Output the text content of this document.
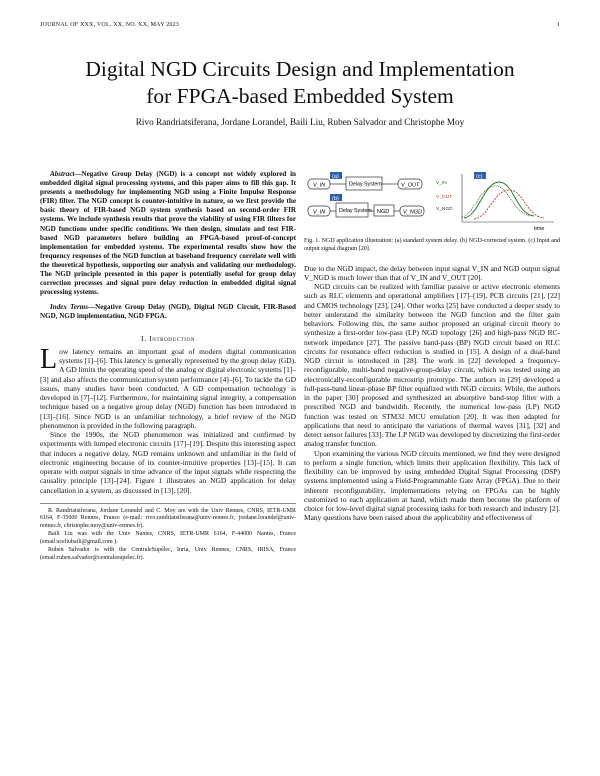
JOURNAL OF XXX, VOL. XX, NO. XX, MAY 2023	1
Digital NGD Circuits Design and Implementation
for FPGA-based Embedded System
Rivo Randriatsiferana, Jordane Lorandel, Baili Liu, Ruben Salvador and Christophe Moy

Abstract—Negative Group Delay (NGD) is a concept not widely explored in embedded digital signal processing systems, and this paper aims to fill this gap. It presents a methodology for implementing NGD using a Finite Impulse Response (FIR) filter. The NGD concept is counter-intuitive in nature, so we first provide the basic theory of FIR-based NGD system synthesis based on second-order FIR systems. We include synthesis results that prove the viability of using FIR filters for NGD functions under specific conditions. We then design, simulate and test FIR-based NGD parameters before building an FPGA-based proof-of-concept implementation for embedded systems. The experimental results show how the frequency responses of the NGD function at baseband frequency correlate well with the theoretical hypothesis, supporting our analysis and validating our methodology. The NGD principle presented in this paper is potentially useful for group delay correction processes and signal pure delay reduction in embedded digital signal processing systems.

Index Terms—Negative Group Delay (NGD), Digital NGD Circuit, FIR-Based NGD, NGD implementation, NGD FPGA.

I. Introduction

Low latency remains an important goal of modern digital communication systems [1]–[6]. This latency is generally represented by the group delay (GD). A GD limits the operating speed of the analog or digital electronic systems [1]–[3] and also affects the communication system performance [4]–[6]. To tackle the GD issues, many studies have been conducted. A GD compensation technology is developed in [7]–[12]. Furthermore, for maintaining signal integrity, a compensation technique based on a negative group delay (NGD) function has been introduced in [13]–[16]. Since NGD is an unfamiliar technology, a brief review of the NGD phenomenon is provided in the following paragraph.

Since the 1990s, the NGD phenomenon was initialized and confirmed by experiments with lumped electronic circuits [17]–[19]. Despite this interesting aspect that induces a negative delay, NGD remains unknown and unfamiliar in the field of electronic engineering because of its counter-intuitive properties [13]–[15]. It can operate with output signals in time advance of the input signals while respecting the causality principle [13]–[24]. Figure 1 illustrates an NGD application for delay cancellation in a system, as discussed in [13], [20].

R. Randriatsiferana, Jordane Lorandel and C. Moy are with the Univ Rennes, CNRS, IETR-UMR 6164, F-35000 Rennes, France (e-mail: rivo.randriatsiferana@univ-rennes.fr, jordane.lorandel@univ-rennes.fr, christophe.moy@univ-rennes.fr).

Baili Liu was with the Univ Nantes, CNRS, IETR-UMR 6164, F-44000 Nantes, France (email:sceliubaili@gmail.com ).

Rubén Salvador is with the CentraleSupélec, Inria, Univ Rennes, CNRS, IRISA, France (email:ruben.salvador@centralesupelec.fr).

(a)
V_IN	Delay System	V_OUT
(b)
V_IN	Delay System NGD	V_NGD
(c)
time
V_IN
V_OUT
V_NGD
Fig. 1. NGD application illustration: (a) standard system delay. (b) NGD-corrected system. (c) Input and output signal diagram [20].

Due to the NGD impact, the delay between input signal V_IN and NGD output signal V_NGD is much lower than that of V_IN and V_OUT [20].

NGD circuits can be realized with familiar passive or active electronic elements such as RLC elements and operational amplifiers [17]–[19], PCB circuits [21], [22] and CMOS technology [23], [24]. Other works [25] have conducted a deeper study to better understand the similarity between the NGD function and the filter gain behaviors. Following this, the same author proposed an original circuit theory to synthesize a first-order low-pass (LP) NGD topology [26] and high-pass NGD RC-network impedance [27]. The passive band-pass (BP) NGD circuit based on RLC circuits for resonance effect reduction is studied in [15]. A design of a dual-band NGD circuit is introduced in [28]. The work in [22] developed a frequency-reconfigurable, multi-band negative-group-delay circuit, which was tested using an electronically-reconfigurable microstrip prototype. The authors in [29] developed a full-pass-band linear-phase BP filter equalized with NGD circuits. While, the authors in the paper [30] proposed and synthesized an absorptive band-stop filter with a prescribed NGD and bandwidth. Recently, the numerical low-pass (LP) NGD function was tested on STM32 MCU emulation [20]. It was then adapted for applications that need to anticipate the variations of thermal waves [31], [32] and detect sensor failures [33]. The LP NGD was developed by discretizing the first-order analog transfer function.

Upon examining the various NGD circuits mentioned, we find they were designed to perform a single function, which limits their application flexibility. This lack of flexibility can be improved by using embedded Digital Signal Processing (DSP) systems implemented using a Field-Programmable Gate Array (FPGA). Due to their inherent reconfigurability, implementations relying on FPGAs can be highly customized to each application at hand, which made them become the platform of choice for low-level digital signal processing tasks for both research and industry [2]. Many questions have been raised about the applicability and effectiveness of
